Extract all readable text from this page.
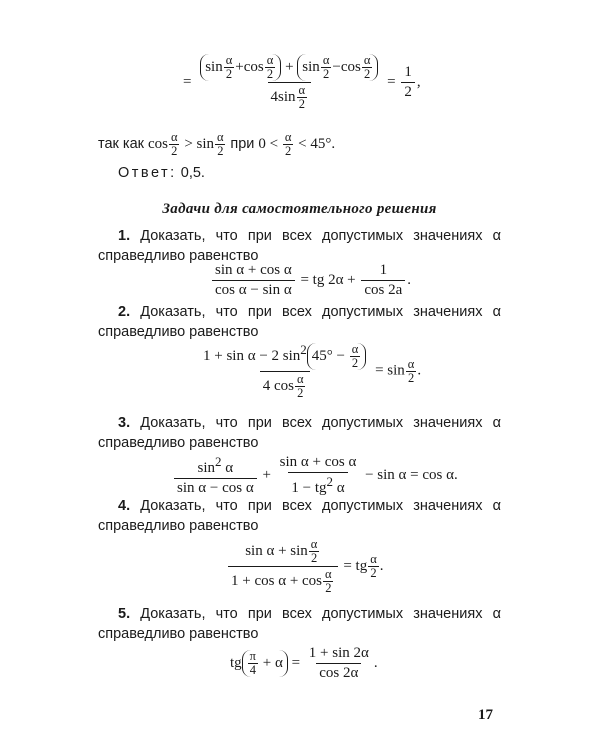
=
$\sin \frac{\alpha}{2} +\cos \frac{\alpha}{2} + \sin \frac{\alpha}{2} -\cos \frac{\alpha}{2}$
$4\sin \frac{\alpha}{2}$
= $\frac{1}{2}$ ,
так как $\cos \frac{\alpha}{2} > \sin \frac{\alpha}{2}$ при $0 < \frac{\alpha}{2} < 45^\circ$.
Ответ: 0,5.
Задачи для самостоятельного решения
1. Доказать, что при всех допустимых значениях α
справедливо равенство
$\frac{\text{sin α + cos α}}{\text{cos α − sin α}}$ = tg $2\alpha + \frac{1}{\cos 2a}$ .
2. Доказать, что при всех допустимых значениях α
справедливо равенство
$\frac{1 + \sin \alpha - 2 \sin^2 45^\circ - \frac{\alpha}{2}}{4 \cos \frac{\alpha}{2}} = \sin \frac{\alpha}{2}$ .
3. Доказать, что при всех допустимых значениях α
справедливо равенство
$\frac{\sin^2 \alpha}{\text{sin α − cos α}} + \frac{\text{sin α + cos α}}{1 - tg^2 \alpha} - \sin \alpha = \cos \alpha$.
4. Доказать, что при всех допустимых значениях α
справедливо равенство
$\frac{\sin \alpha + \sin \frac{\alpha}{2}}{1 + \cos \alpha + \cos \frac{\alpha}{2}}$ = tg $\frac{\alpha}{2}$ .
5. Доказать, что при всех допустимых значениях α
справедливо равенство
tg $\frac{\pi}{4} + \alpha = \frac{1 + \sin 2\alpha}{\cos 2\alpha}$ .
17
